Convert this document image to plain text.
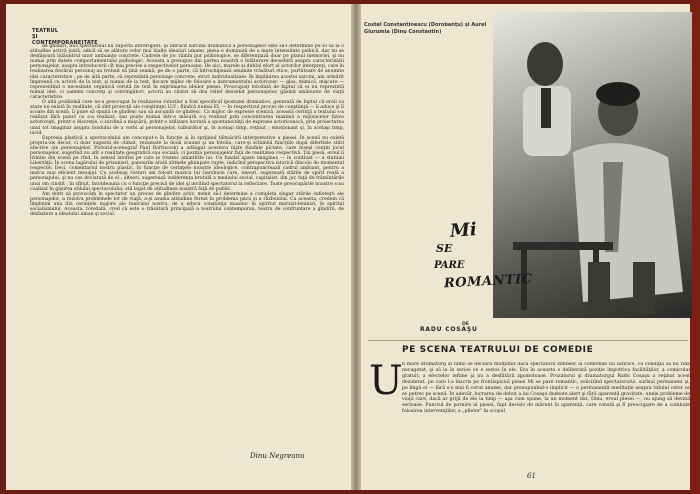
TEATRUL
ŞI
CONTEMPORANEITATE

de ghiduri, nici spectacolul nu suportă întreruperi. Şi întrucît sarcina dramatică a personajelor este să-l determine pe El să ia o atitudine activă justă, adică să se alăture celor mai înalte idealuri umane, piesa e dominată de o mare intensitate psihică, dar nu se desfăşoară înlăuntrul unor ambianţe concrete. Cadrele de joc rămîn pur psihologice, se diferenţiază doar pe planul memoriei, şi nu numai prin datele comportamentului psihologic. Aceasta a presupus din partea noastră o înlăturare deosebită asupra caracterizării personajelor, asupra introducerii cît mai precise a respectivelor persoane. De aici, marele şi dublul efort al actorilor interpreţi, care în realizarea fiecărui personaj au trebuit să ţină seamă, pe de o parte, că întruchipează anumite trăsături etice, purtătoare de anumite idei caracteristice ; pe de altă parte, că reprezintă personaje concrete, strict individualizate. În împlinirea acestei sarcini, am urmărit împreună cu actorii de la text, şi numai de la text, fiecare mijloc de folosire a instrumentului actoricesc — glas, mimică, mişcare — reprezentînd o necesitate organică cerută de text în exprimarea ideilor piesei. Preocupaţi totodată de faptul că ei nu reprezintă numai idei, ci oameni concreţi şi convingători, actorii au căutat să dea relief deosebit personajelor, găsind amănunte de viaţă caracteristice.

O altă problemă care ne-a preocupat în realizarea rolurilor a fost specificul ipostazei dramatice, generată de faptul că eroii ca atare nu există în realitate, că sînt proiecţii ale conştiinţei LUI ; fiindcă numai EL — în respectivul proces de conştiinţă — îi aduce şi îi scoate din scenă, îi pune să spună ce gîndesc sau să ascundă ce gîndesc. Ca mijloc de expresie scenică, această cerinţă a textului s-a realizat fără punct ca s-a realizat, sau poate numai într-o măsură s-a realizat prin concentrarea maximă a mijloacelor fizice actoriceşti, printr-o discreţie, o surdină a mişcării, printr-o utilizare lucrată a spontaneităţii de expresie actoricească, prin proiectarea unui tot imaginar asupra fondului de a vorbi al personajelor, tulburător şi, în acelaşi timp, reţinut ; emoţionant şi, în acelaşi timp, lucid.

Expresia plastică a spectacolului am conceput-o în funcţie şi în sprijinul tălmăcirii interpretative a piesei. În scenă nu există propriu-zis decor, ci doar sugestii de climat, rezumate la două scaune şi un fotoliu, care-şi schimbă funcţiile după diferitele stări afective ale personajelor. Pictorul-scenograf Paul Bortnovski a adăugat acestora nişte fundale pictate, care înseşi conţin jocul personajelor, sugerînd nu atît o realitate geografică sau socială, ci poziţia personajelor faţă de realitatea respectivă. Ţin piesă, eroul îi trimite din scenă pe rînd, în sensul istoriei pe care le trezesc amintirile lui. Un fundal apare imaginea — în contrast — a statuiei Libertăţii. În scena lagărului de prizonieri, panourile arată sîrmele ghimpate rupte, indicînd perspectiva istorică dincolo de momentul respectiv. Deci, comentariul nostru plastic, în funcţie de cerinţele noastre ideologice, contrapunctează cadrul ambiant, pentru a marca mai eficient mesajul. Cu aceleaşi rosturi am folosit muzica lui Gershwin care, uneori, sugerează stările de spirit reală a personajului, şi nu ces declarată de el ; alteori, sugerează indiferenţa brutală a mediului social, capitalist, din jur, faţă de frămîntările unui om cinstit ; în sfîrşit, întotdeauna cu o funcţie precisă de idei şi invitînd spectatorul la reflectare. Toate preocupările noastre s-au coalizat în găsirea stilului spectacolului, stil legat de atitudinea noastră faţă de public.

Am dorit să provocăm în spectator un proces de gîndire activ, menit să-l determine a completa singur stările sufleteşti ale personajelor, a rezolva problemele lor de viaţă, a-şi asuma atitudine fermă în problema păcii şi a războiului. Ca aceasta, credem că împlinim una din cerinţele majore ale teatrului nostru, de a educa conştiinţa maselor în spiritul marxist-leninist, în spiritul socialismului. Aceasta, totodată, cred că este o trăsătură principală a teatrului contemporan, teatru de confruntare a gîndirii, de dezbatere a idealului uman şi social.

Dinu Negreanu
Costel Constantinescu (Dorobanţu) şi Aurel Giurumia (Dinu Constantin)
Mi
SE
PARE
ROMANTIC
DE
RADU COSAŞU
PE SCENA TEATRULUI DE COMEDIE
U n mare dramaturg al lumii se declara mulţumit dacă spectatorii zîmbesc la comediile lui satirice, cu condiţia să nu rîdă necugetat, şi să ia în serios ce e serios în ele. Era în aceasta o deliberată poziţie împotriva facilităţilor, a comicului gratuit, a efectelor ieftine şi nu a desfătării zgomotoase. Prozatorul şi dramaturgul Radu Cosaşu a reţinut acest deziderat, pe care l-a înscris pe frontispiciul piesei Mi se pare romantic, solicitînd spectatorului, surîsul permanent şi, pe lîngă el — fără s-o mai fi cerut anume, dar presupunînd-o implicit — o permanentă meditaţie asupra titlului celor ce se petrec pe scenă. În adevăr, lucrarea de debut a lui Cosaşu dezbate alert şi fără aparentă gravitate, unele probleme de viaţă care, dacă ar grijă de ele la timp — aşa cum spune, la un moment dat, Dinu, eroul piesei —, nu ajung să devină serioase. Punctul de pornire al piesei, fapt decisiv de mărunt în aparenţă, care constă şi fi preocupare de a combate folosirea intervenţiilor, a „pilelor” în scopul

61
